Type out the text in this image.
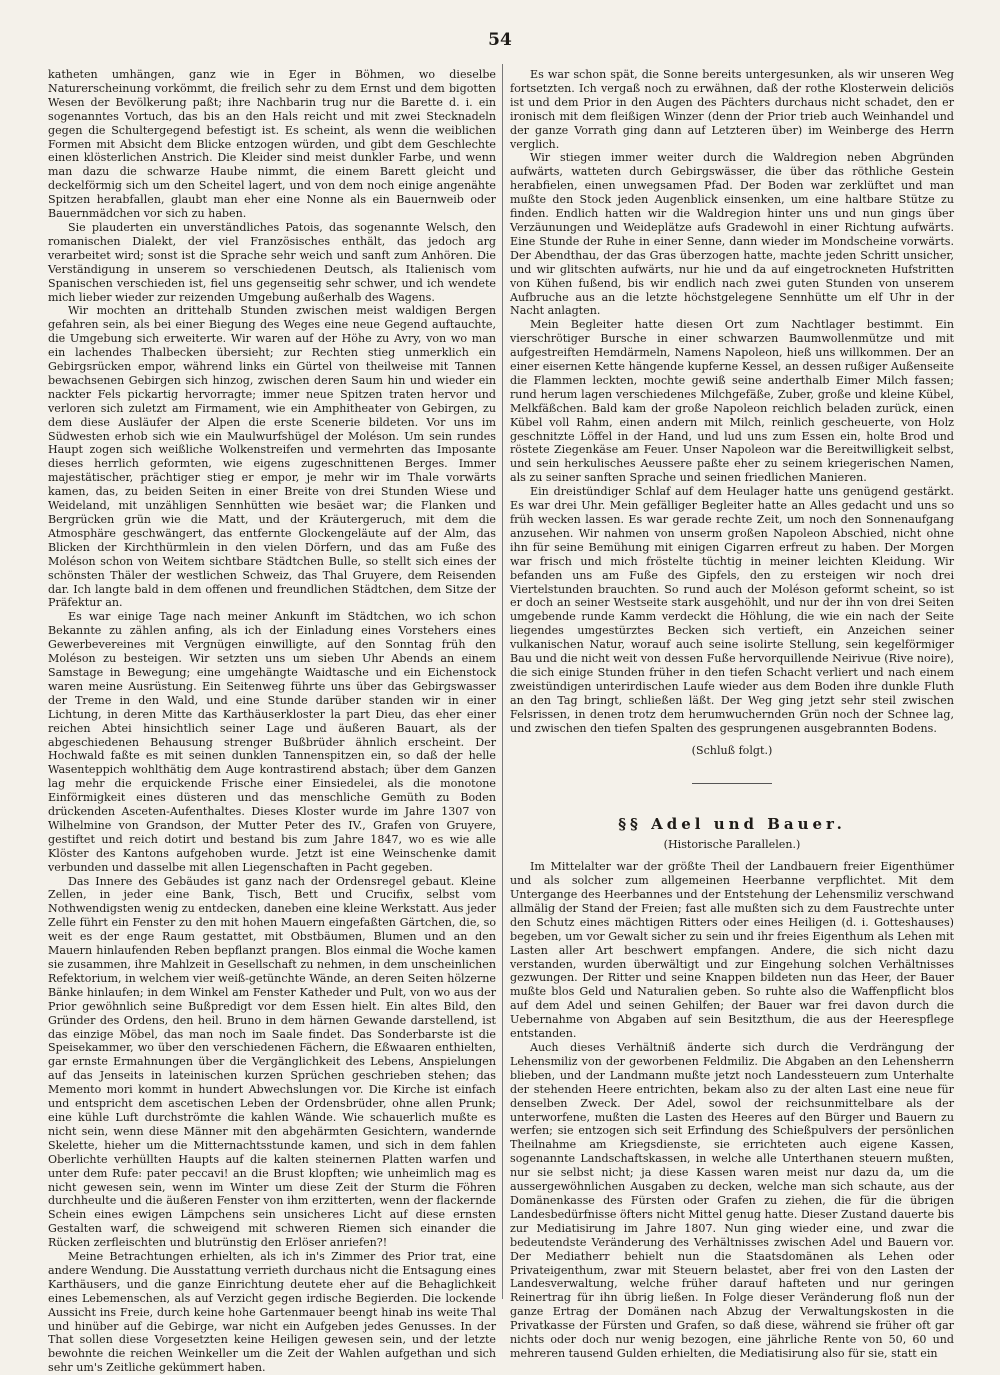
54

katheten umhängen, ganz wie in Eger in Böhmen, wo dieselbe Naturerscheinung vorkömmt, die freilich sehr zu dem Ernst und dem bigotten Wesen der Bevölkerung paßt; ihre Nachbarin trug nur die Barette d. i. ein sogenanntes Vortuch, das bis an den Hals reicht und mit zwei Stecknadeln gegen die Schultergegend befestigt ist. Es scheint, als wenn die weiblichen Formen mit Absicht dem Blicke entzogen würden, und gibt dem Geschlechte einen klösterlichen Anstrich. Die Kleider sind meist dunkler Farbe, und wenn man dazu die schwarze Haube nimmt, die einem Barett gleicht und deckelförmig sich um den Scheitel lagert, und von dem noch einige angenähte Spitzen herabfallen, glaubt man eher eine Nonne als ein Bauernweib oder Bauernmädchen vor sich zu haben.

Sie plauderten ein unverständliches Patois, das sogenannte Welsch, den romanischen Dialekt, der viel Französisches enthält, das jedoch arg verarbeitet wird; sonst ist die Sprache sehr weich und sanft zum Anhören. Die Verständigung in unserem so verschiedenen Deutsch, als Italienisch vom Spanischen verschieden ist, fiel uns gegenseitig sehr schwer, und ich wendete mich lieber wieder zur reizenden Umgebung außerhalb des Wagens.

Wir mochten an drittehalb Stunden zwischen meist waldigen Bergen gefahren sein, als bei einer Biegung des Weges eine neue Gegend auftauchte, die Umgebung sich erweiterte. Wir waren auf der Höhe zu Avry, von wo man ein lachendes Thalbecken übersieht; zur Rechten stieg unmerklich ein Gebirgsrücken empor, während links ein Gürtel von theilweise mit Tannen bewachsenen Gebirgen sich hinzog, zwischen deren Saum hin und wieder ein nackter Fels pickartig hervorragte; immer neue Spitzen traten hervor und verloren sich zuletzt am Firmament, wie ein Amphitheater von Gebirgen, zu dem diese Ausläufer der Alpen die erste Scenerie bildeten. Vor uns im Südwesten erhob sich wie ein Maulwurfshügel der Moléson. Um sein rundes Haupt zogen sich weißliche Wolkenstreifen und vermehrten das Imposante dieses herrlich geformten, wie eigens zugeschnittenen Berges. Immer majestätischer, prächtiger stieg er empor, je mehr wir im Thale vorwärts kamen, das, zu beiden Seiten in einer Breite von drei Stunden Wiese und Weideland, mit unzähligen Sennhütten wie besäet war; die Flanken und Bergrücken grün wie die Matt, und der Kräutergeruch, mit dem die Atmosphäre geschwängert, das entfernte Glockengeläute auf der Alm, das Blicken der Kirchthürmlein in den vielen Dörfern, und das am Fuße des Moléson schon von Weitem sichtbare Städtchen Bulle, so stellt sich eines der schönsten Thäler der westlichen Schweiz, das Thal Gruyere, dem Reisenden dar. Ich langte bald in dem offenen und freundlichen Städtchen, dem Sitze der Präfektur an.

Es war einige Tage nach meiner Ankunft im Städtchen, wo ich schon Bekannte zu zählen anfing, als ich der Einladung eines Vorstehers eines Gewerbevereines mit Vergnügen einwilligte, auf den Sonntag früh den Moléson zu besteigen. Wir setzten uns um sieben Uhr Abends an einem Samstage in Bewegung; eine umgehängte Waidtasche und ein Eichenstock waren meine Ausrüstung. Ein Seitenweg führte uns über das Gebirgswasser der Treme in den Wald, und eine Stunde darüber standen wir in einer Lichtung, in deren Mitte das Karthäuserkloster la part Dieu, das eher einer reichen Abtei hinsichtlich seiner Lage und äußeren Bauart, als der abgeschiedenen Behausung strenger Bußbrüder ähnlich erscheint. Der Hochwald faßte es mit seinen dunklen Tannenspitzen ein, so daß der helle Wasenteppich wohlthätig dem Auge kontrastirend abstach; über dem Ganzen lag mehr die erquickende Frische einer Einsiedelei, als die monotone Einförmigkeit eines düsteren und das menschliche Gemüth zu Boden drückenden Asceten-Aufenthaltes. Dieses Kloster wurde im Jahre 1307 von Wilhelmine von Grandson, der Mutter Peter des IV., Grafen von Gruyere, gestiftet und reich dotirt und bestand bis zum Jahre 1847, wo es wie alle Klöster des Kantons aufgehoben wurde. Jetzt ist eine Weinschenke damit verbunden und dasselbe mit allen Liegenschaften in Pacht gegeben.

Das Innere des Gebäudes ist ganz nach der Ordensregel gebaut. Kleine Zellen, in jeder eine Bank, Tisch, Bett und Crucifix, selbst vom Nothwendigsten wenig zu entdecken, daneben eine kleine Werkstatt. Aus jeder Zelle führt ein Fenster zu den mit hohen Mauern eingefaßten Gärtchen, die, so weit es der enge Raum gestattet, mit Obstbäumen, Blumen und an den Mauern hinlaufenden Reben bepflanzt prangen. Blos einmal die Woche kamen sie zusammen, ihre Mahlzeit in Gesellschaft zu nehmen, in dem unscheinlichen Refektorium, in welchem vier weiß-getünchte Wände, an deren Seiten hölzerne Bänke hinlaufen; in dem Winkel am Fenster Katheder und Pult, von wo aus der Prior gewöhnlich seine Bußpredigt vor dem Essen hielt. Ein altes Bild, den Gründer des Ordens, den heil. Bruno in dem härnen Gewande darstellend, ist das einzige Möbel, das man noch im Saale findet. Das Sonderbarste ist die Speisekammer, wo über den verschiedenen Fächern, die Eßwaaren enthielten, gar ernste Ermahnungen über die Vergänglichkeit des Lebens, Anspielungen auf das Jenseits in lateinischen kurzen Sprüchen geschrieben stehen; das Memento mori kommt in hundert Abwechslungen vor. Die Kirche ist einfach und entspricht dem ascetischen Leben der Ordensbrüder, ohne allen Prunk; eine kühle Luft durchströmte die kahlen Wände. Wie schauerlich mußte es nicht sein, wenn diese Männer mit den abgehärmten Gesichtern, wandernde Skelette, hieher um die Mitternachtsstunde kamen, und sich in dem fahlen Oberlichte verhüllten Haupts auf die kalten steinernen Platten warfen und unter dem Rufe: pater peccavi! an die Brust klopften; wie unheimlich mag es nicht gewesen sein, wenn im Winter um diese Zeit der Sturm die Föhren durchheulte und die äußeren Fenster von ihm erzitterten, wenn der flackernde Schein eines ewigen Lämpchens sein unsicheres Licht auf diese ernsten Gestalten warf, die schweigend mit schweren Riemen sich einander die Rücken zerfleischten und blutrünstig den Erlöser anriefen?!

Meine Betrachtungen erhielten, als ich in's Zimmer des Prior trat, eine andere Wendung. Die Ausstattung verrieth durchaus nicht die Entsagung eines Karthäusers, und die ganze Einrichtung deutete eher auf die Behaglichkeit eines Lebemenschen, als auf Verzicht gegen irdische Begierden. Die lockende Aussicht ins Freie, durch keine hohe Gartenmauer beengt hinab ins weite Thal und hinüber auf die Gebirge, war nicht ein Aufgeben jedes Genusses. In der That sollen diese Vorgesetzten keine Heiligen gewesen sein, und der letzte bewohnte die reichen Weinkeller um die Zeit der Wahlen aufgethan und sich sehr um's Zeitliche gekümmert haben.

Es war schon spät, die Sonne bereits untergesunken, als wir unseren Weg fortsetzten. Ich vergaß noch zu erwähnen, daß der rothe Klosterwein deliciös ist und dem Prior in den Augen des Pächters durchaus nicht schadet, den er ironisch mit dem fleißigen Winzer (denn der Prior trieb auch Weinhandel und der ganze Vorrath ging dann auf Letzteren über) im Weinberge des Herrn verglich.

Wir stiegen immer weiter durch die Waldregion neben Abgründen aufwärts, watteten durch Gebirgswässer, die über das röthliche Gestein herabfielen, einen unwegsamen Pfad. Der Boden war zerklüftet und man mußte den Stock jeden Augenblick einsenken, um eine haltbare Stütze zu finden. Endlich hatten wir die Waldregion hinter uns und nun gings über Verzäunungen und Weideplätze aufs Gradewohl in einer Richtung aufwärts. Eine Stunde der Ruhe in einer Senne, dann wieder im Mondscheine vorwärts. Der Abendthau, der das Gras überzogen hatte, machte jeden Schritt unsicher, und wir glitschten aufwärts, nur hie und da auf eingetrockneten Hufstritten von Kühen fußend, bis wir endlich nach zwei guten Stunden von unserem Aufbruche aus an die letzte höchstgelegene Sennhütte um elf Uhr in der Nacht anlagten.

Mein Begleiter hatte diesen Ort zum Nachtlager bestimmt. Ein vierschrötiger Bursche in einer schwarzen Baumwollenmütze und mit aufgestreiften Hemdärmeln, Namens Napoleon, hieß uns willkommen. Der an einer eisernen Kette hängende kupferne Kessel, an dessen rußiger Außenseite die Flammen leckten, mochte gewiß seine anderthalb Eimer Milch fassen; rund herum lagen verschiedenes Milchgefäße, Zuber, große und kleine Kübel, Melkfäßchen. Bald kam der große Napoleon reichlich beladen zurück, einen Kübel voll Rahm, einen andern mit Milch, reinlich gescheuerte, von Holz geschnitzte Löffel in der Hand, und lud uns zum Essen ein, holte Brod und röstete Ziegenkäse am Feuer. Unser Napoleon war die Bereitwilligkeit selbst, und sein herkulisches Aeussere paßte eher zu seinem kriegerischen Namen, als zu seiner sanften Sprache und seinen friedlichen Manieren.

Ein dreistündiger Schlaf auf dem Heulager hatte uns genügend gestärkt. Es war drei Uhr. Mein gefälliger Begleiter hatte an Alles gedacht und uns so früh wecken lassen. Es war gerade rechte Zeit, um noch den Sonnenaufgang anzusehen. Wir nahmen von unserm großen Napoleon Abschied, nicht ohne ihn für seine Bemühung mit einigen Cigarren erfreut zu haben. Der Morgen war frisch und mich fröstelte tüchtig in meiner leichten Kleidung. Wir befanden uns am Fuße des Gipfels, den zu ersteigen wir noch drei Viertelstunden brauchten. So rund auch der Moléson geformt scheint, so ist er doch an seiner Westseite stark ausgehöhlt, und nur der ihn von drei Seiten umgebende runde Kamm verdeckt die Höhlung, die wie ein nach der Seite liegendes umgestürztes Becken sich vertieft, ein Anzeichen seiner vulkanischen Natur, worauf auch seine isolirte Stellung, sein kegelförmiger Bau und die nicht weit von dessen Fuße hervorquillende Neirivue (Rive noire), die sich einige Stunden früher in den tiefen Schacht verliert und nach einem zweistündigen unterirdischen Laufe wieder aus dem Boden ihre dunkle Fluth an den Tag bringt, schließen läßt. Der Weg ging jetzt sehr steil zwischen Felsrissen, in denen trotz dem herumwuchernden Grün noch der Schnee lag, und zwischen den tiefen Spalten des gesprungenen ausgebrannten Bodens.

(Schluß folgt.)

§§ Adel und Bauer.
(Historische Parallelen.)

Im Mittelalter war der größte Theil der Landbauern freier Eigenthümer und als solcher zum allgemeinen Heerbanne verpflichtet. Mit dem Untergange des Heerbannes und der Entstehung der Lehensmiliz verschwand allmälig der Stand der Freien; fast alle mußten sich zu dem Faustrechte unter den Schutz eines mächtigen Ritters oder eines Heiligen (d. i. Gotteshauses) begeben, um vor Gewalt sicher zu sein und ihr freies Eigenthum als Lehen mit Lasten aller Art beschwert empfangen. Andere, die sich nicht dazu verstanden, wurden überwältigt und zur Eingehung solchen Verhältnisses gezwungen. Der Ritter und seine Knappen bildeten nun das Heer, der Bauer mußte blos Geld und Naturalien geben. So ruhte also die Waffenpflicht blos auf dem Adel und seinen Gehilfen; der Bauer war frei davon durch die Uebernahme von Abgaben auf sein Besitzthum, die aus der Heerespflege entstanden.

Auch dieses Verhältniß änderte sich durch die Verdrängung der Lehensmiliz von der geworbenen Feldmiliz. Die Abgaben an den Lehensherrn blieben, und der Landmann mußte jetzt noch Landessteuern zum Unterhalte der stehenden Heere entrichten, bekam also zu der alten Last eine neue für denselben Zweck. Der Adel, sowol der reichsunmittelbare als der unterworfene, mußten die Lasten des Heeres auf den Bürger und Bauern zu werfen; sie entzogen sich seit Erfindung des Schießpulvers der persönlichen Theilnahme am Kriegsdienste, sie errichteten auch eigene Kassen, sogenannte Landschaftskassen, in welche alle Unterthanen steuern mußten, nur sie selbst nicht; ja diese Kassen waren meist nur dazu da, um die aussergewöhnlichen Ausgaben zu decken, welche man sich schaute, aus der Domänenkasse des Fürsten oder Grafen zu ziehen, die für die übrigen Landesbedürfnisse öfters nicht Mittel genug hatte. Dieser Zustand dauerte bis zur Mediatisirung im Jahre 1807. Nun ging wieder eine, und zwar die bedeutendste Veränderung des Verhältnisses zwischen Adel und Bauern vor. Der Mediatherr behielt nun die Staatsdomänen als Lehen oder Privateigenthum, zwar mit Steuern belastet, aber frei von den Lasten der Landesverwaltung, welche früher darauf hafteten und nur geringen Reinertrag für ihn übrig ließen. In Folge dieser Veränderung floß nun der ganze Ertrag der Domänen nach Abzug der Verwaltungskosten in die Privatkasse der Fürsten und Grafen, so daß diese, während sie früher oft gar nichts oder doch nur wenig bezogen, eine jährliche Rente von 50, 60 und mehreren tausend Gulden erhielten, die Mediatisirung also für sie, statt ein
